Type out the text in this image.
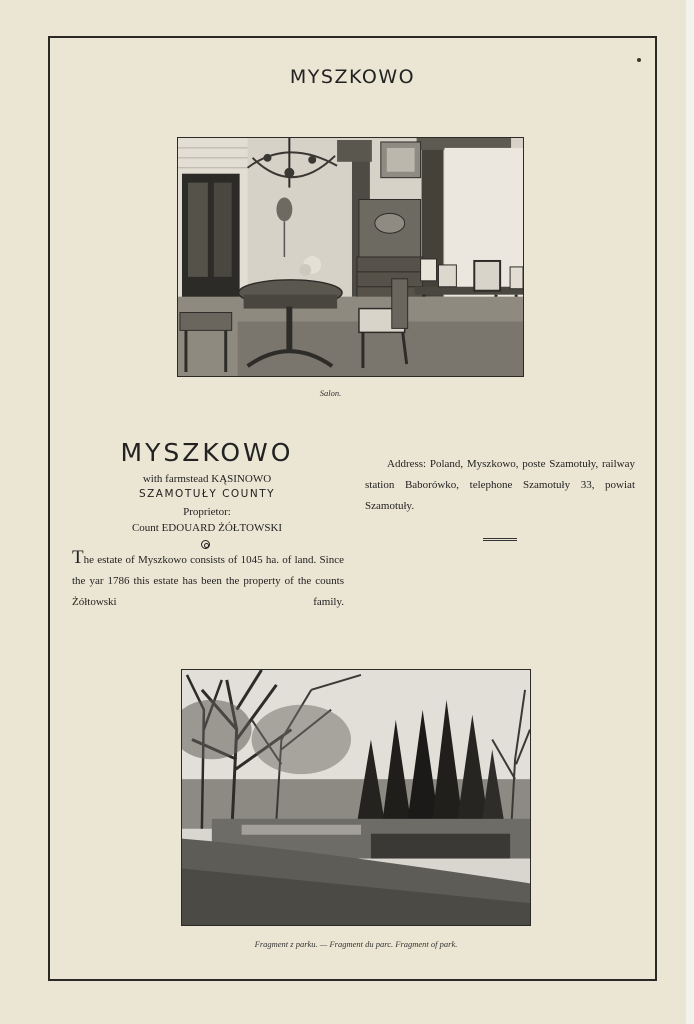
MYSZKOWO
Salon.
MYSZKOWO
with farmstead KĄSINOWO
SZAMOTUŁY COUNTY
Proprietor:
Count EDOUARD ŻÓŁTOWSKI

The estate of Myszkowo consists of 1045 ha. of land. Since the yar 1786 this estate has been the property of the counts Żółtowski family.

Address: Poland, Myszkowo, poste Szamotuły, railway station Baborówko, telephone Szamotuły 33, powiat Szamotuły.

Fragment z parku. — Fragment du parc. Fragment of park.
